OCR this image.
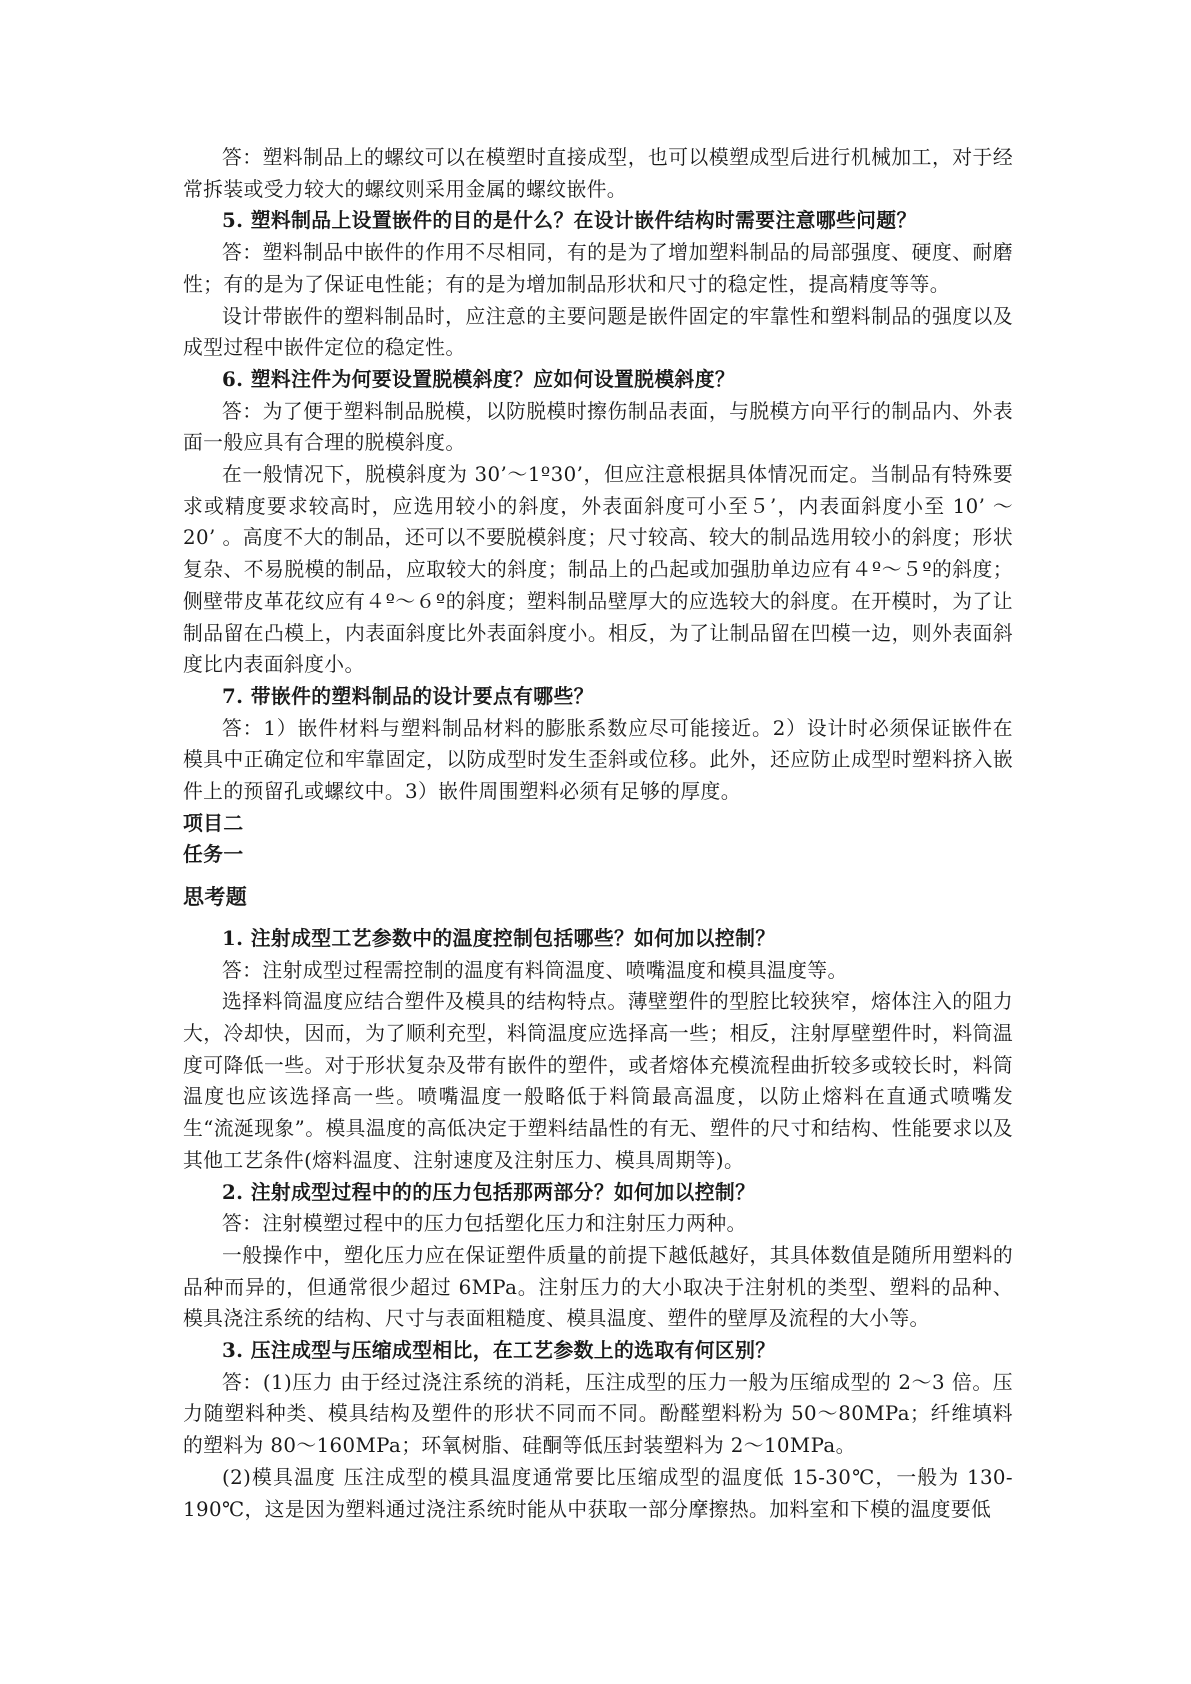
答：塑料制品上的螺纹可以在模塑时直接成型，也可以模塑成型后进行机械加工，对于经常拆装或受力较大的螺纹则采用金属的螺纹嵌件。

5. 塑料制品上设置嵌件的目的是什么？在设计嵌件结构时需要注意哪些问题？

答：塑料制品中嵌件的作用不尽相同，有的是为了增加塑料制品的局部强度、硬度、耐磨性；有的是为了保证电性能；有的是为增加制品形状和尺寸的稳定性，提高精度等等。

设计带嵌件的塑料制品时，应注意的主要问题是嵌件固定的牢靠性和塑料制品的强度以及成型过程中嵌件定位的稳定性。

6. 塑料注件为何要设置脱模斜度？应如何设置脱模斜度？

答：为了便于塑料制品脱模，以防脱模时擦伤制品表面，与脱模方向平行的制品内、外表面一般应具有合理的脱模斜度。

在一般情况下，脱模斜度为 30’～1º30’，但应注意根据具体情况而定。当制品有特殊要求或精度要求较高时，应选用较小的斜度，外表面斜度可小至５’，内表面斜度小至 10’ ～20’ 。高度不大的制品，还可以不要脱模斜度；尺寸较高、较大的制品选用较小的斜度；形状复杂、不易脱模的制品，应取较大的斜度；制品上的凸起或加强肋单边应有４º～５º的斜度；侧壁带皮革花纹应有４º～６º的斜度；塑料制品壁厚大的应选较大的斜度。在开模时，为了让制品留在凸模上，内表面斜度比外表面斜度小。相反，为了让制品留在凹模一边，则外表面斜度比内表面斜度小。

7. 带嵌件的塑料制品的设计要点有哪些？

答：1）嵌件材料与塑料制品材料的膨胀系数应尽可能接近。2）设计时必须保证嵌件在模具中正确定位和牢靠固定，以防成型时发生歪斜或位移。此外，还应防止成型时塑料挤入嵌件上的预留孔或螺纹中。3）嵌件周围塑料必须有足够的厚度。

项目二

任务一

思考题

1. 注射成型工艺参数中的温度控制包括哪些？如何加以控制？

答：注射成型过程需控制的温度有料筒温度、喷嘴温度和模具温度等。

选择料筒温度应结合塑件及模具的结构特点。薄壁塑件的型腔比较狭窄，熔体注入的阻力大，冷却快，因而，为了顺利充型，料筒温度应选择高一些；相反，注射厚壁塑件时，料筒温度可降低一些。对于形状复杂及带有嵌件的塑件，或者熔体充模流程曲折较多或较长时，料筒温度也应该选择高一些。喷嘴温度一般略低于料筒最高温度，以防止熔料在直通式喷嘴发生“流涎现象”。模具温度的高低决定于塑料结晶性的有无、塑件的尺寸和结构、性能要求以及其他工艺条件(熔料温度、注射速度及注射压力、模具周期等)。

2. 注射成型过程中的的压力包括那两部分？如何加以控制？

答：注射模塑过程中的压力包括塑化压力和注射压力两种。

一般操作中，塑化压力应在保证塑件质量的前提下越低越好，其具体数值是随所用塑料的品种而异的，但通常很少超过 6MPa。注射压力的大小取决于注射机的类型、塑料的品种、模具浇注系统的结构、尺寸与表面粗糙度、模具温度、塑件的壁厚及流程的大小等。

3. 压注成型与压缩成型相比，在工艺参数上的选取有何区别？

答：(1)压力 由于经过浇注系统的消耗，压注成型的压力一般为压缩成型的 2～3 倍。压力随塑料种类、模具结构及塑件的形状不同而不同。酚醛塑料粉为 50～80MPa；纤维填料的塑料为 80～160MPa；环氧树脂、硅酮等低压封装塑料为 2～10MPa。

(2)模具温度 压注成型的模具温度通常要比压缩成型的温度低 15-30℃，一般为 130-190℃，这是因为塑料通过浇注系统时能从中获取一部分摩擦热。加料室和下模的温度要低
